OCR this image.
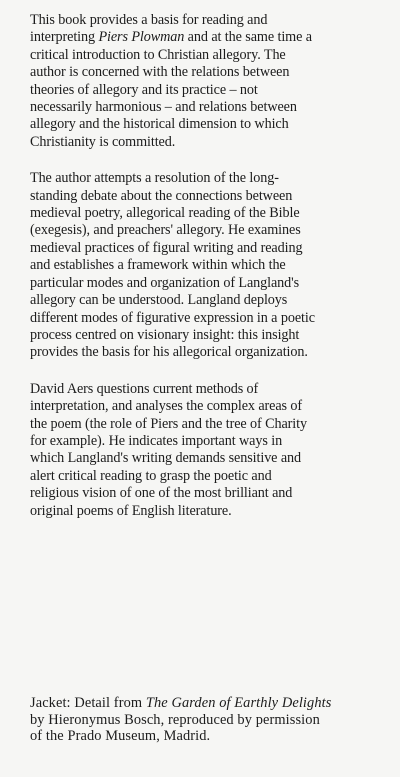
This book provides a basis for reading and
interpreting Piers Plowman and at the same time a
critical introduction to Christian allegory. The
author is concerned with the relations between
theories of allegory and its practice – not
necessarily harmonious – and relations between
allegory and the historical dimension to which
Christianity is committed.

The author attempts a resolution of the long-
standing debate about the connections between
medieval poetry, allegorical reading of the Bible
(exegesis), and preachers' allegory. He examines
medieval practices of figural writing and reading
and establishes a framework within which the
particular modes and organization of Langland's
allegory can be understood. Langland deploys
different modes of figurative expression in a poetic
process centred on visionary insight: this insight
provides the basis for his allegorical organization.

David Aers questions current methods of
interpretation, and analyses the complex areas of
the poem (the role of Piers and the tree of Charity
for example). He indicates important ways in
which Langland's writing demands sensitive and
alert critical reading to grasp the poetic and
religious vision of one of the most brilliant and
original poems of English literature.

Jacket: Detail from The Garden of Earthly Delights
by Hieronymus Bosch, reproduced by permission
of the Prado Museum, Madrid.
